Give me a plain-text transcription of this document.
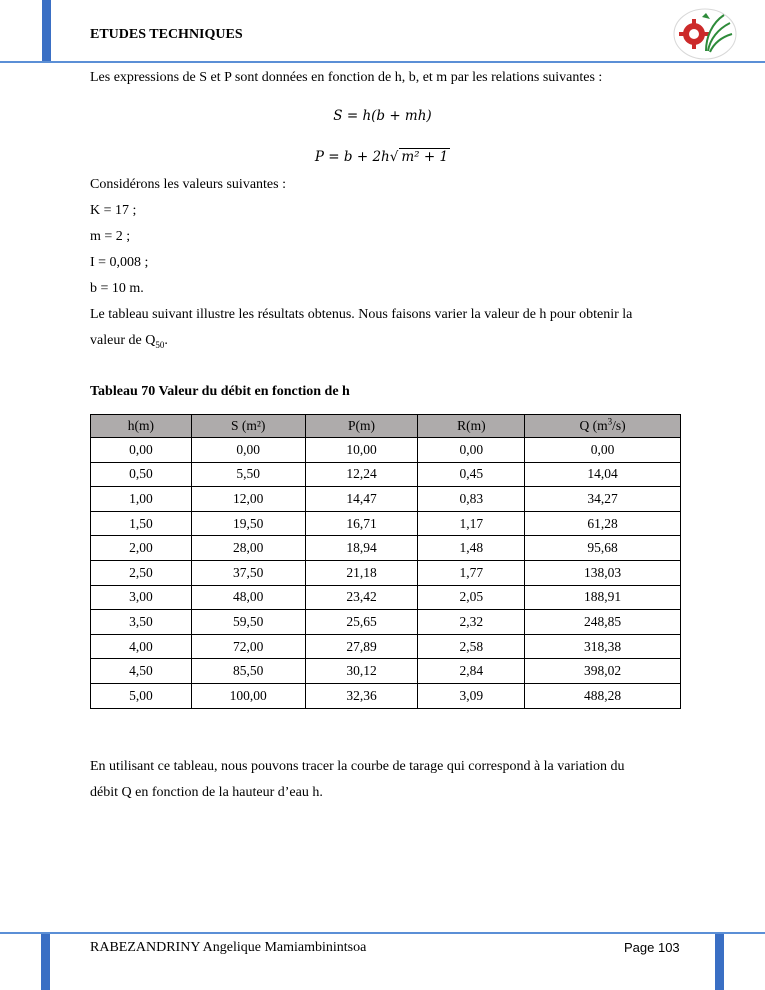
ETUDES TECHNIQUES
Les expressions de S et P sont données en fonction de h, b, et m par les relations suivantes :
S = h(b + mh)
P = b + 2h√ m² + 1
Considérons les valeurs suivantes :
K = 17 ;
m = 2 ;
I = 0,008 ;
b = 10 m.
Le tableau suivant illustre les résultats obtenus. Nous faisons varier la valeur de h pour obtenir la
valeur de $Q_{50}$.
Tableau 70 Valeur du débit en fonction de h
h(m)	S (m²)	P(m)	R(m)	Q $(m^3/s)$
0,00	0,00	10,00	0,00	0,00
0,50	5,50	12,24	0,45	14,04
1,00	12,00	14,47	0,83	34,27
1,50	19,50	16,71	1,17	61,28
2,00	28,00	18,94	1,48	95,68
2,50	37,50	21,18	1,77	138,03
3,00	48,00	23,42	2,05	188,91
3,50	59,50	25,65	2,32	248,85
4,00	72,00	27,89	2,58	318,38
4,50	85,50	30,12	2,84	398,02
5,00	100,00	32,36	3,09	488,28
En utilisant ce tableau, nous pouvons tracer la courbe de tarage qui correspond à la variation du
débit Q en fonction de la hauteur d’eau h.
RABEZANDRINY Angelique Mamiambinintsoa	Page 103
